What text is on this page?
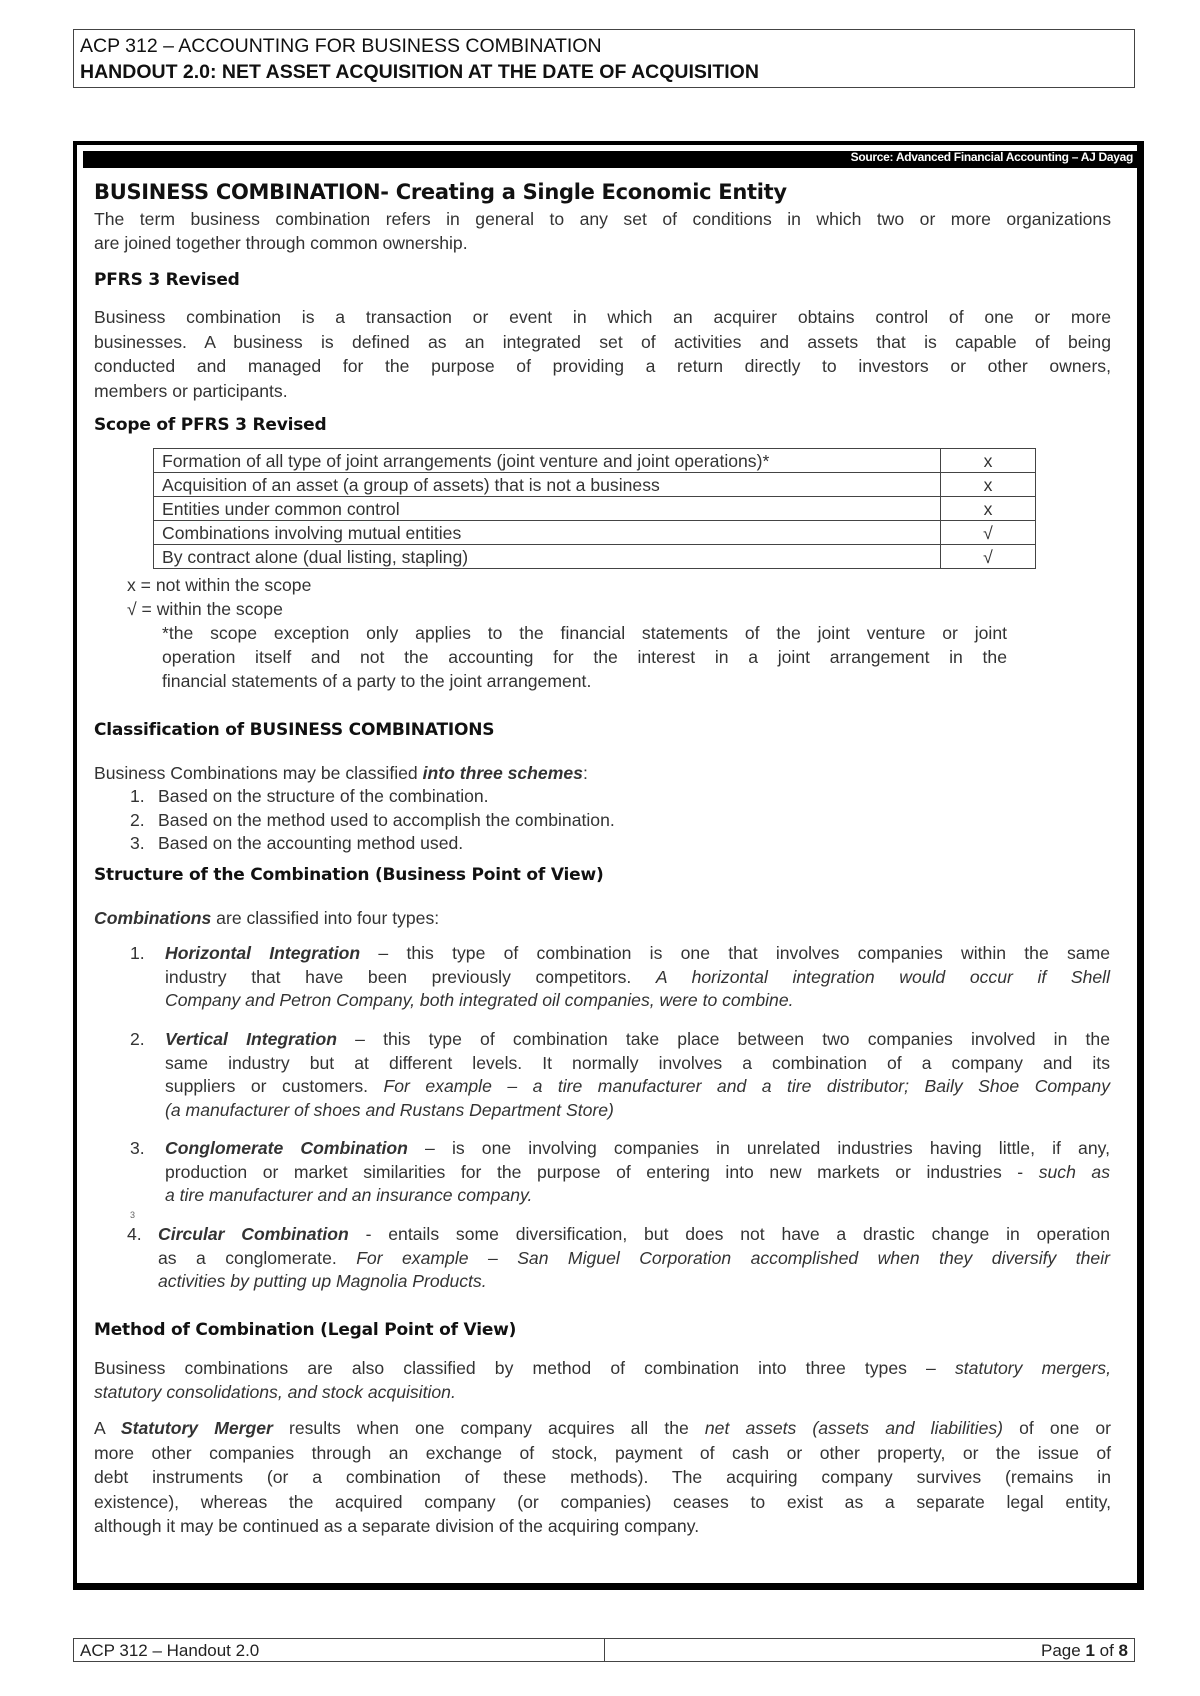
ACP 312 – ACCOUNTING FOR BUSINESS COMBINATION
HANDOUT 2.0: NET ASSET ACQUISITION AT THE DATE OF ACQUISITION
Source: Advanced Financial Accounting – AJ Dayag
BUSINESS COMBINATION- Creating a Single Economic Entity

The term business combination refers in general to any set of conditions in which two or more organizations

are joined together through common ownership.

PFRS 3 Revised

Business combination is a transaction or event in which an acquirer obtains control of one or more

businesses. A business is defined as an integrated set of activities and assets that is capable of being

conducted and managed for the purpose of providing a return directly to investors or other owners,

members or participants.

Scope of PFRS 3 Revised
Formation of all type of joint arrangements (joint venture and joint operations)*	x
Acquisition of an asset (a group of assets) that is not a business	x
Entities under common control	x
Combinations involving mutual entities	√
By contract alone (dual listing, stapling)	√

x = not within the scope

√ = within the scope

*the scope exception only applies to the financial statements of the joint venture or joint

operation itself and not the accounting for the interest in a joint arrangement in the

financial statements of a party to the joint arrangement.

Classification of BUSINESS COMBINATIONS
Business Combinations may be classified into three schemes:
1. Based on the structure of the combination.
2. Based on the method used to accomplish the combination.
3. Based on the accounting method used.
Structure of the Combination (Business Point of View)
Combinations are classified into four types:
1. Horizontal Integration – this type of combination is one that involves companies within the same

industry that have been previously competitors. A horizontal integration would occur if Shell

Company and Petron Company, both integrated oil companies, were to combine.

2. Vertical Integration – this type of combination take place between two companies involved in the

same industry but at different levels. It normally involves a combination of a company and its

suppliers or customers. For example – a tire manufacturer and a tire distributor; Baily Shoe Company

(a manufacturer of shoes and Rustans Department Store)

3. Conglomerate Combination – is one involving companies in unrelated industries having little, if any,

production or market similarities for the purpose of entering into new markets or industries - such as

a tire manufacturer and an insurance company.

3
4. Circular Combination - entails some diversification, but does not have a drastic change in operation

as a conglomerate. For example – San Miguel Corporation accomplished when they diversify their

activities by putting up Magnolia Products.

Method of Combination (Legal Point of View)

Business combinations are also classified by method of combination into three types – statutory mergers,

statutory consolidations, and stock acquisition.

A Statutory Merger results when one company acquires all the net assets (assets and liabilities) of one or

more other companies through an exchange of stock, payment of cash or other property, or the issue of

debt instruments (or a combination of these methods). The acquiring company survives (remains in

existence), whereas the acquired company (or companies) ceases to exist as a separate legal entity,

although it may be continued as a separate division of the acquiring company.

ACP 312 – Handout 2.0	Page 1 of 8
